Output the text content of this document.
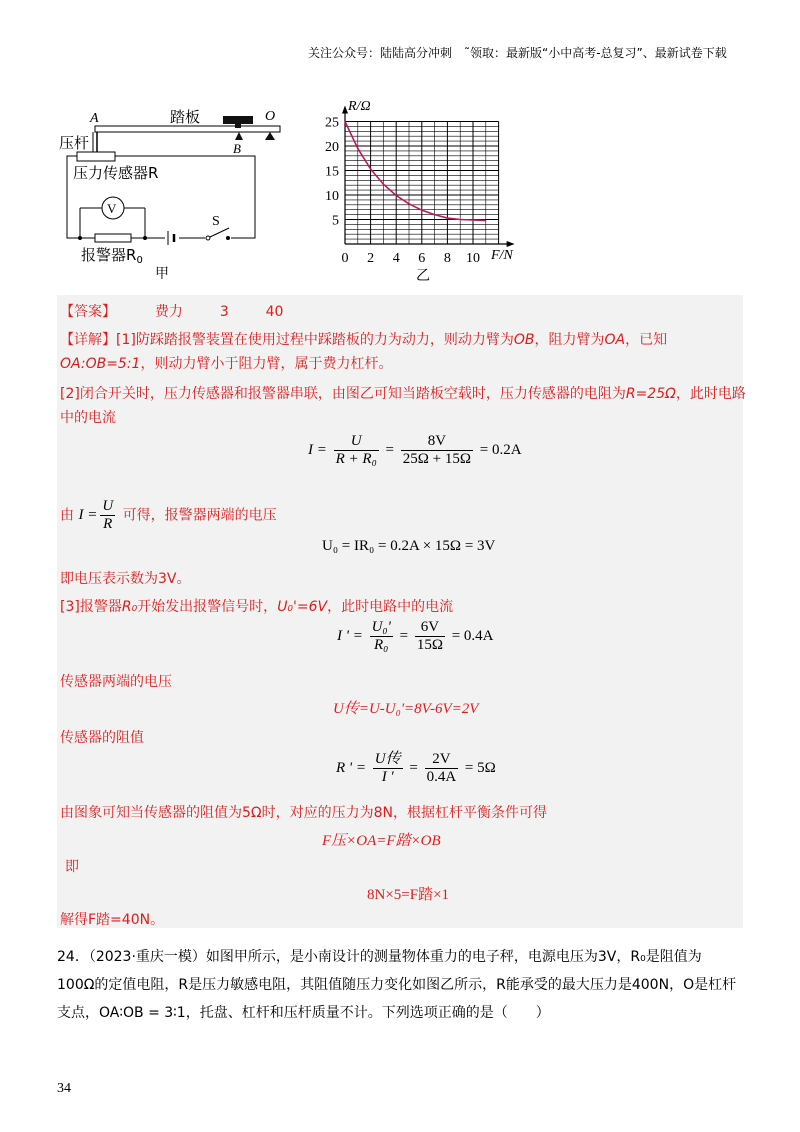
关注公众号：陆陆高分冲刺　˜领取：最新版“小中高考-总复习”、最新试卷下载
A	O
踏板
B
压杆
压力传感器R
V
S
报警器$R_0$
甲
R/Ω
F/N
乙
25
20
15
10
5
0 2 4 6 8 10
【答案】	费力	3	40
【详解】[1]防踩踏报警装置在使用过程中踩踏板的力为动力，则动力臂为OB，阻力臂为OA，已知
OA:OB=5:1，则动力臂小于阻力臂，属于费力杠杆。
[2]闭合开关时，压力传感器和报警器串联，由图乙可知当踏板空载时，压力传感器的电阻为R=25Ω，此时电路
中的电流
$I = \frac{U}{\text{R + R₀}} = \frac{8V}{25\Omega + 15\Omega} = 0.2A$
由 $I = \frac{U}{R}$ 可得，报警器两端的电压
U₀ = IR₀ = 0.2A × 15Ω = 3V
即电压表示数为3V。
[3]报警器R₀开始发出报警信号时，U₀'=6V，此时电路中的电流
I ' = $\frac{\text{U₀'}}{\text{R₀}} = \frac{6V}{15\Omega} = 0.4A$
传感器两端的电压
U传=U-U₀'=8V-6V=2V
传感器的阻值
R ' = $\frac{\text{U传}}{I '} = \frac{2V}{0.4A} = 5\Omega$
由图象可知当传感器的阻值为5Ω时，对应的压力为8N，根据杠杆平衡条件可得
F压×OA=F踏×OB
即
8N×5=F踏×1
解得F踏=40N。
24．（2023·重庆一模）如图甲所示，是小南设计的测量物体重力的电子秤，电源电压为3V，R₀是阻值为
100Ω的定值电阻，R是压力敏感电阻，其阻值随压力变化如图乙所示，R能承受的最大压力是400N，O是杠杆
支点，OA∶OB = 3∶1，托盘、杠杆和压杆质量不计。下列选项正确的是（　　）
34
